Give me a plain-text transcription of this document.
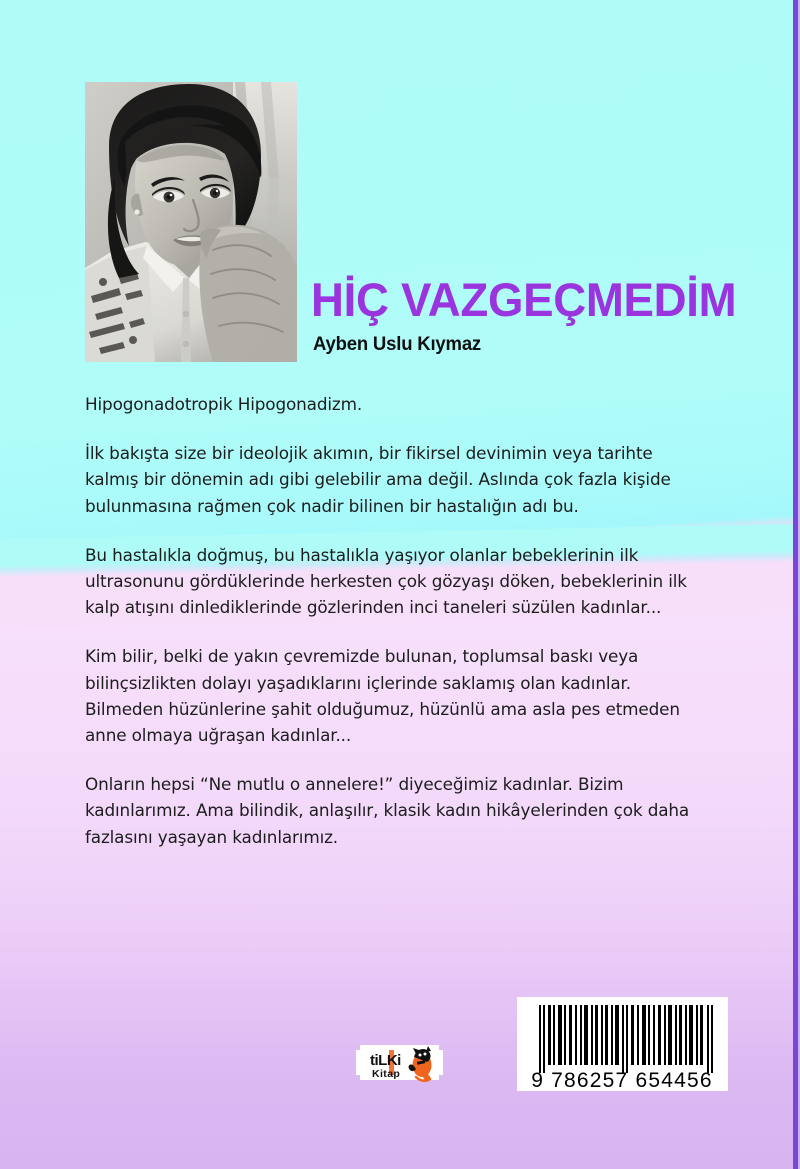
HİÇ VAZGEÇMEDİM
Ayben Uslu Kıymaz

Hipogonadotropik Hipogonadizm.

İlk bakışta size bir ideolojik akımın, bir fikirsel devinimin veya tarihte kalmış bir dönemin adı gibi gelebilir ama değil. Aslında çok fazla kişide bulunmasına rağmen çok nadir bilinen bir hastalığın adı bu.

Bu hastalıkla doğmuş, bu hastalıkla yaşıyor olanlar bebeklerinin ilk ultrasonunu gördüklerinde herkesten çok gözyaşı döken, bebeklerinin ilk kalp atışını dinlediklerinde gözlerinden inci taneleri süzülen kadınlar...

Kim bilir, belki de yakın çevremizde bulunan, toplumsal baskı veya bilinçsizlikten dolayı yaşadıklarını içlerinde saklamış olan kadınlar. Bilmeden hüzünlerine şahit olduğumuz, hüzünlü ama asla pes etmeden anne olmaya uğraşan kadınlar...

Onların hepsi “Ne mutlu o annelere!” diyeceğimiz kadınlar. Bizim kadınlarımız. Ama bilindik, anlaşılır, klasik kadın hikâyelerinden çok daha fazlasını yaşayan kadınlarımız.

tiLKi
Kitap	9 786257 654456
